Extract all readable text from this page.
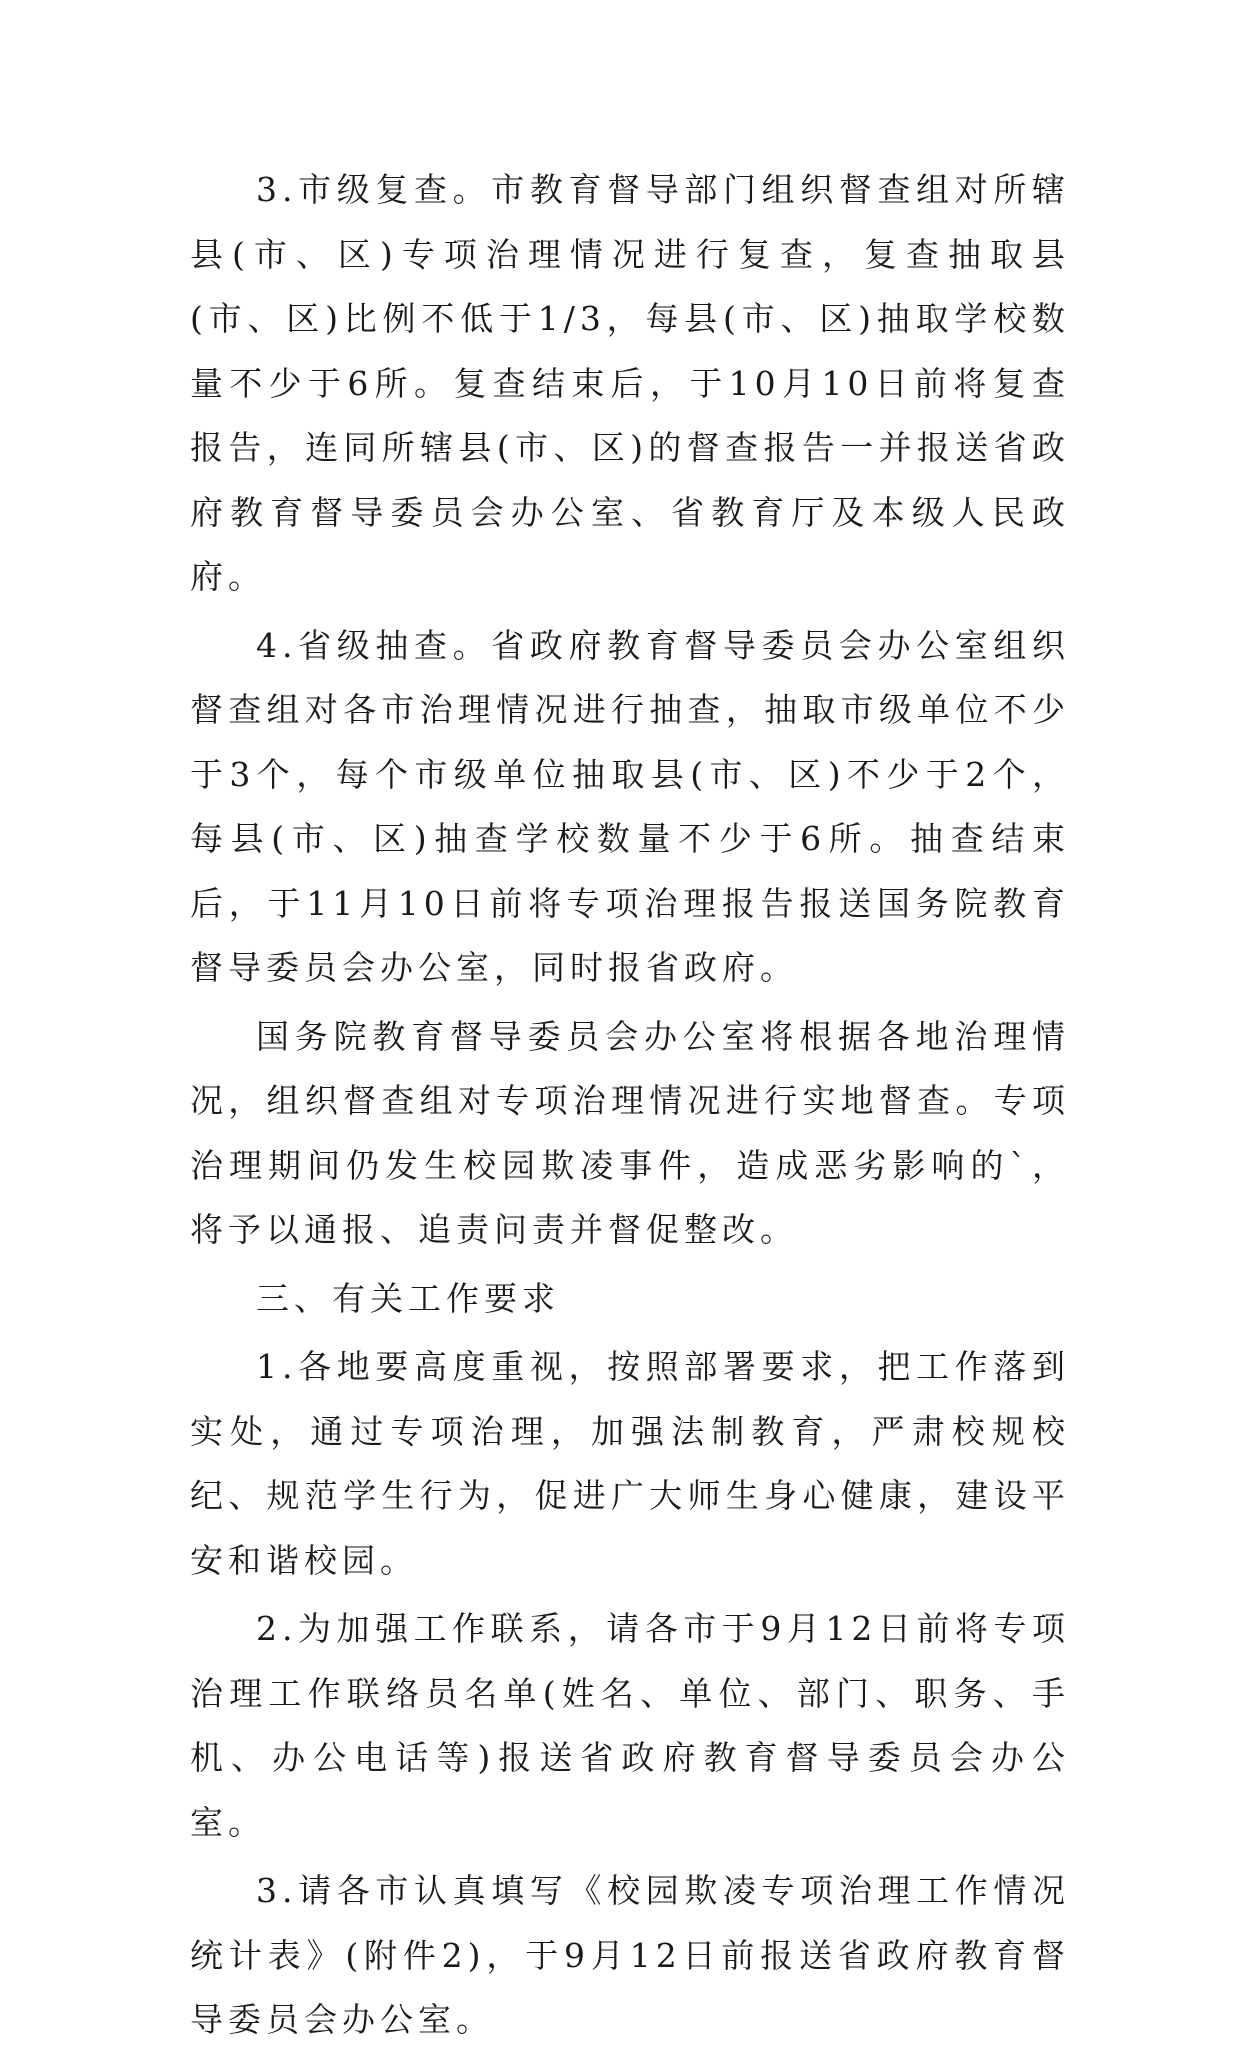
3.市级复查。市教育督导部门组织督查组对所辖县(市、区)专项治理情况进行复查，复查抽取县(市、区)比例不低于1/3，每县(市、区)抽取学校数量不少于6所。复查结束后，于10月10日前将复查报告，连同所辖县(市、区)的督查报告一并报送省政府教育督导委员会办公室、省教育厅及本级人民政府。

4.省级抽查。省政府教育督导委员会办公室组织督查组对各市治理情况进行抽查，抽取市级单位不少于3个，每个市级单位抽取县(市、区)不少于2个，每县(市、区)抽查学校数量不少于6所。抽查结束后，于11月10日前将专项治理报告报送国务院教育督导委员会办公室，同时报省政府。

国务院教育督导委员会办公室将根据各地治理情况，组织督查组对专项治理情况进行实地督查。专项治理期间仍发生校园欺凌事件，造成恶劣影响的`，将予以通报、追责问责并督促整改。

三、有关工作要求

1.各地要高度重视，按照部署要求，把工作落到实处，通过专项治理，加强法制教育，严肃校规校纪、规范学生行为，促进广大师生身心健康，建设平安和谐校园。

2.为加强工作联系，请各市于9月12日前将专项治理工作联络员名单(姓名、单位、部门、职务、手机、办公电话等)报送省政府教育督导委员会办公室。

3.请各市认真填写《校园欺凌专项治理工作情况统计表》(附件2)，于9月12日前报送省政府教育督导委员会办公室。
